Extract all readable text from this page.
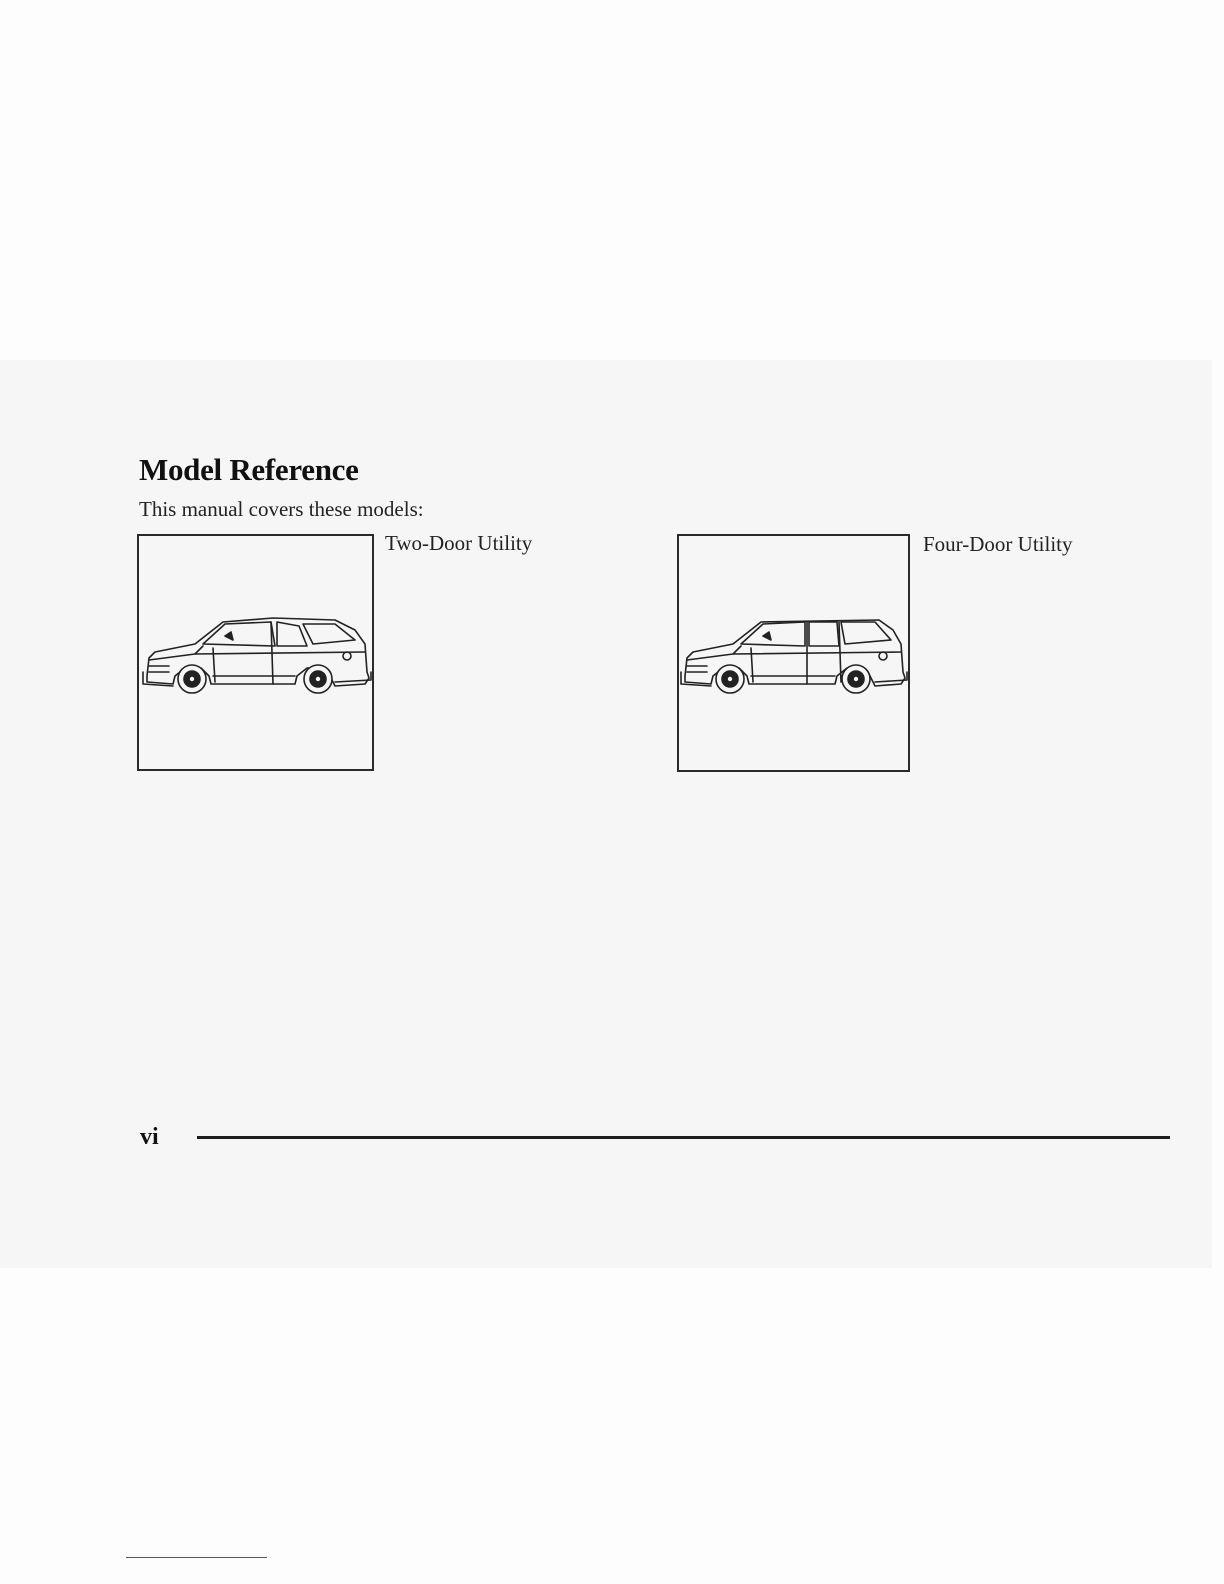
Model Reference

This manual covers these models:

Two-Door Utility	Four-Door Utility

vi
